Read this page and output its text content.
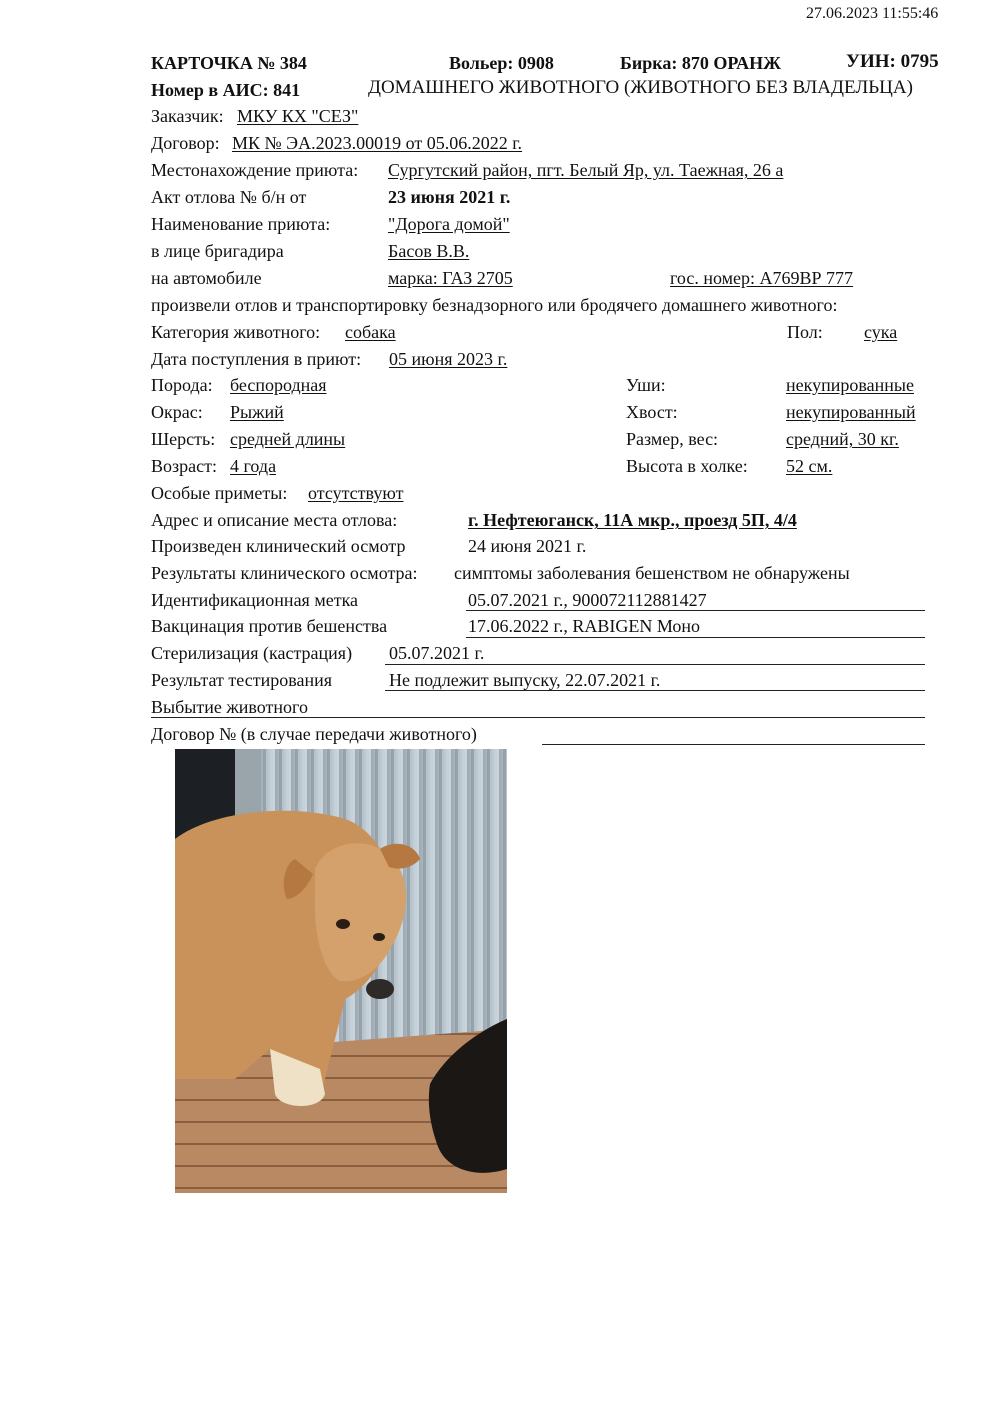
27.06.2023 11:55:46
КАРТОЧКА № 384	Вольер: 0908	Бирка: 870 ОРАНЖ	УИН: 0795
Номер в АИС: 841	ДОМАШНЕГО ЖИВОТНОГО (ЖИВОТНОГО БЕЗ ВЛАДЕЛЬЦА)
Заказчик: МКУ КХ "СЕЗ"
Договор: МК № ЭА.2023.00019 от 05.06.2022 г.
Местонахождение приюта: Сургутский район, пгт. Белый Яр, ул. Таежная, 26 а
Акт отлова № б/н от	23 июня 2021 г.
Наименование приюта:	"Дорога домой"
в лице бригадира	Басов В.В.
на автомобиле	марка: ГАЗ 2705	гос. номер: А769ВР 777
произвели отлов и транспортировку безнадзорного или бродячего домашнего животного:
Категория животного: собака	Пол: сука
Дата поступления в приют: 05 июня 2023 г.
Порода: беспородная	Уши:	некупированные
Окрас: Рыжий	Хвост:	некупированный
Шерсть: средней длины	Размер, вес:	средний, 30 кг.
Возраст: 4 года	Высота в холке: 52 см.
Особые приметы: отсутствуют
Адрес и описание места отлова:	г. Нефтеюганск, 11А мкр., проезд 5П, 4/4
Произведен клинический осмотр	24 июня 2021 г.
Результаты клинического осмотра: симптомы заболевания бешенством не обнаружены
Идентификационная метка	05.07.2021 г., 900072112881427
Вакцинация против бешенства	17.06.2022 г., RABIGEN Моно
Стерилизация (кастрация) 05.07.2021 г.
Результат тестирования	Не подлежит выпуску, 22.07.2021 г.
Выбытие животного
Договор № (в случае передачи животного)
